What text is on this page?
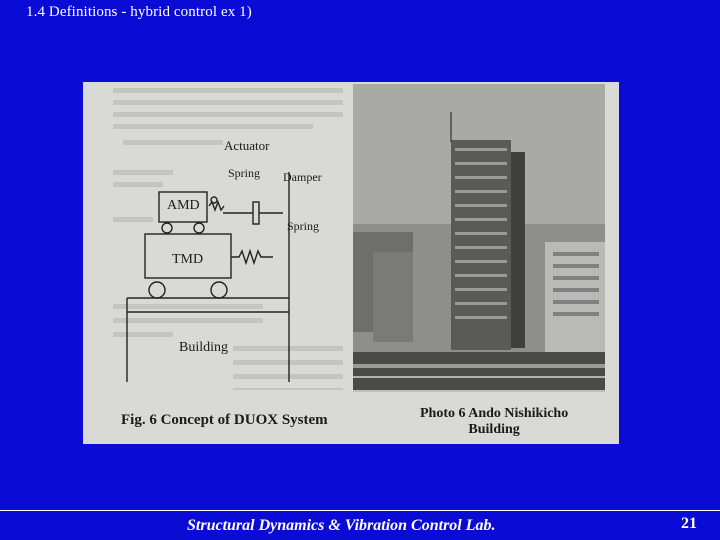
1.4 Definitions - hybrid control ex 1)
Actuator
Spring Damper
AMD
Spring
TMD
Building
Fig. 6 Concept of DUOX System	Photo 6 Ando Nishikicho
Building
Structural Dynamics & Vibration Control Lab.	21
